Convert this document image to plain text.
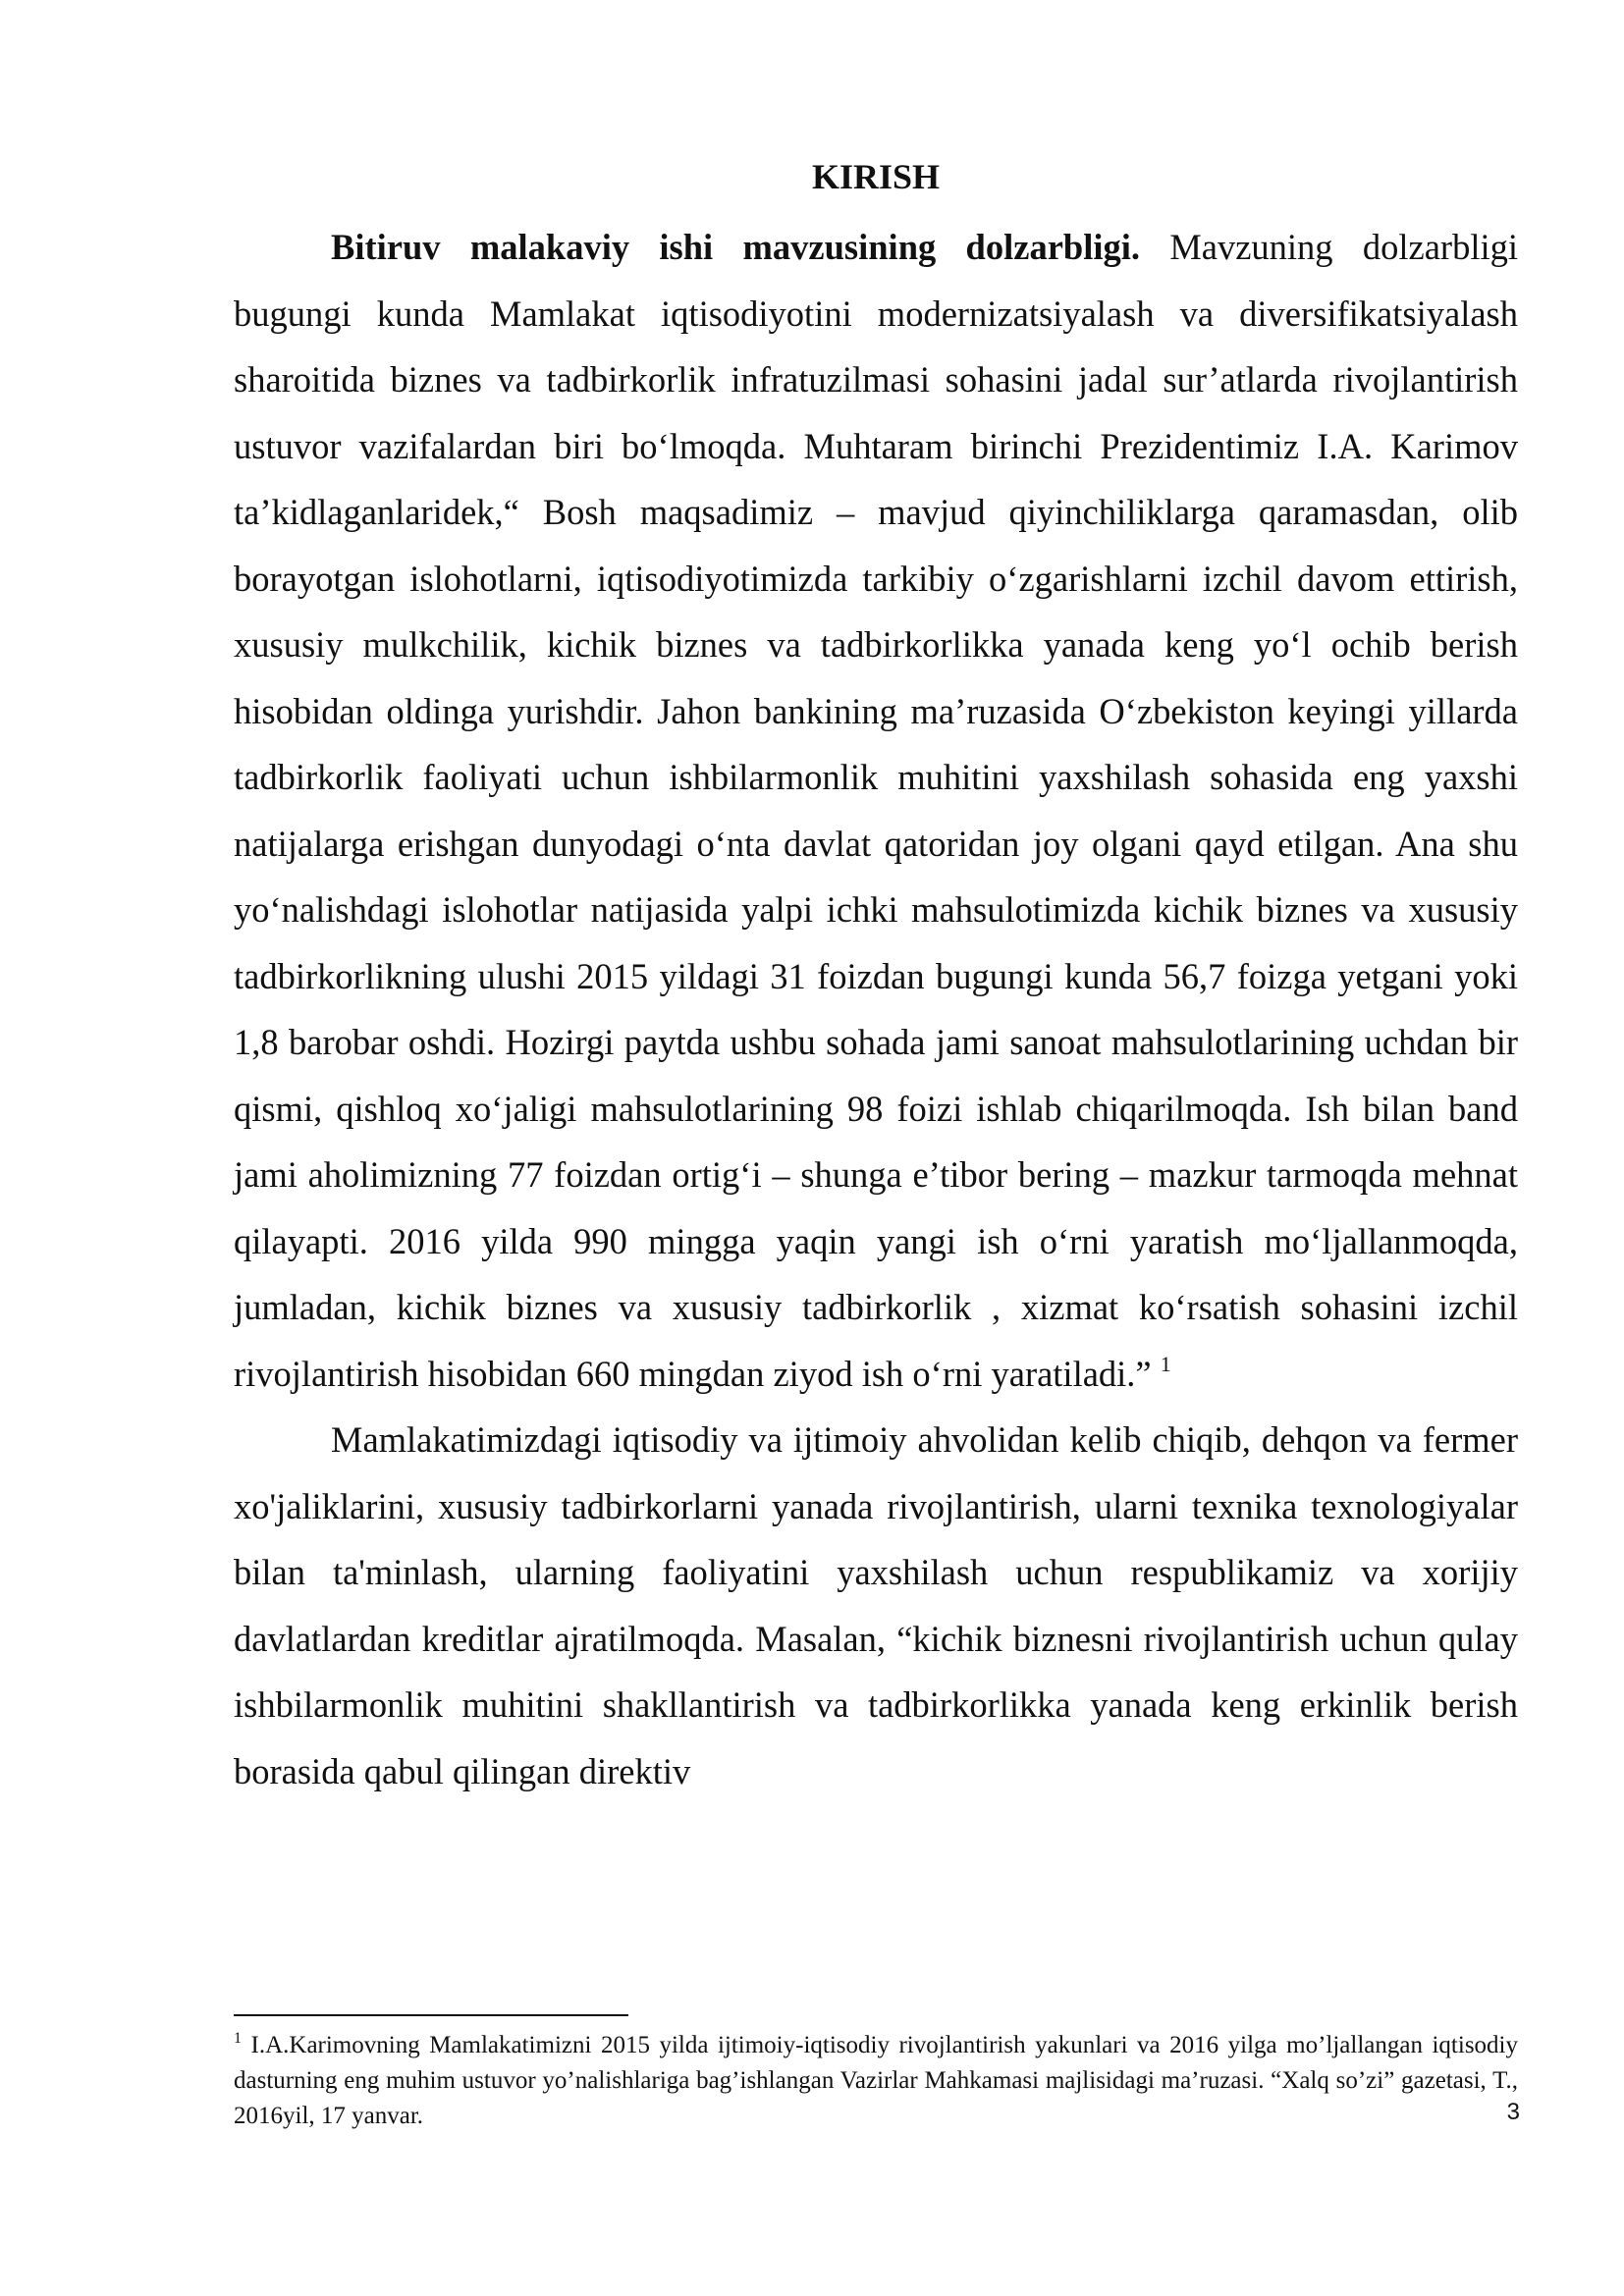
KIRISH

Bitiruv malakaviy ishi mavzusining dolzarbligi. Mavzuning dolzarbligi bugungi kunda Mamlakat iqtisodiyotini modernizatsiyalash va diversifikatsiyalash sharoitida biznes va tadbirkorlik infratuzilmasi sohasini jadal sur’atlarda rivojlantirish ustuvor vazifalardan biri bo‘lmoqda. Muhtaram birinchi Prezidentimiz I.A. Karimov ta’kidlaganlaridek,“ Bosh maqsadimiz – mavjud qiyinchiliklarga qaramasdan, olib borayotgan islohotlarni, iqtisodiyotimizda tarkibiy o‘zgarishlarni izchil davom ettirish, xususiy mulkchilik, kichik biznes va tadbirkorlikka yanada keng yo‘l ochib berish hisobidan oldinga yurishdir. Jahon bankining ma’ruzasida O‘zbekiston keyingi yillarda tadbirkorlik faoliyati uchun ishbilarmonlik muhitini yaxshilash sohasida eng yaxshi natijalarga erishgan dunyodagi o‘nta davlat qatoridan joy olgani qayd etilgan. Ana shu yo‘nalishdagi islohotlar natijasida yalpi ichki mahsulotimizda kichik biznes va xususiy tadbirkorlikning ulushi 2015 yildagi 31 foizdan bugungi kunda 56,7 foizga yetgani yoki 1,8 barobar oshdi. Hozirgi paytda ushbu sohada jami sanoat mahsulotlarining uchdan bir qismi, qishloq xo‘jaligi mahsulotlarining 98 foizi ishlab chiqarilmoqda. Ish bilan band jami aholimizning 77 foizdan ortig‘i – shunga e’tibor bering – mazkur tarmoqda mehnat qilayapti. 2016 yilda 990 mingga yaqin yangi ish o‘rni yaratish mo‘ljallanmoqda, jumladan, kichik biznes va xususiy tadbirkorlik , xizmat ko‘rsatish sohasini izchil rivojlantirish hisobidan 660 mingdan ziyod ish o‘rni yaratiladi.” $^1$

Mamlakatimizdagi iqtisodiy va ijtimoiy ahvolidan kelib chiqib, dehqon va fermer xo'jaliklarini, xususiy tadbirkorlarni yanada rivojlantirish, ularni texnika texnologiyalar bilan ta'minlash, ularning faoliyatini yaxshilash uchun respublikamiz va xorijiy davlatlardan kreditlar ajratilmoqda. Masalan, “kichik biznesni rivojlantirish uchun qulay ishbilarmonlik muhitini shakllantirish va tadbirkorlikka yanada keng erkinlik berish borasida qabul qilingan direktiv

$^1$ I.A.Karimovning Mamlakatimizni 2015 yilda ijtimoiy-iqtisodiy rivojlantirish yakunlari va 2016 yilga mo’ljallangan iqtisodiy dasturning eng muhim ustuvor yo’nalishlariga bag’ishlangan Vazirlar Mahkamasi majlisidagi ma’ruzasi. “Xalq so’zi” gazetasi, T., 2016yil, 17 yanvar.	3
